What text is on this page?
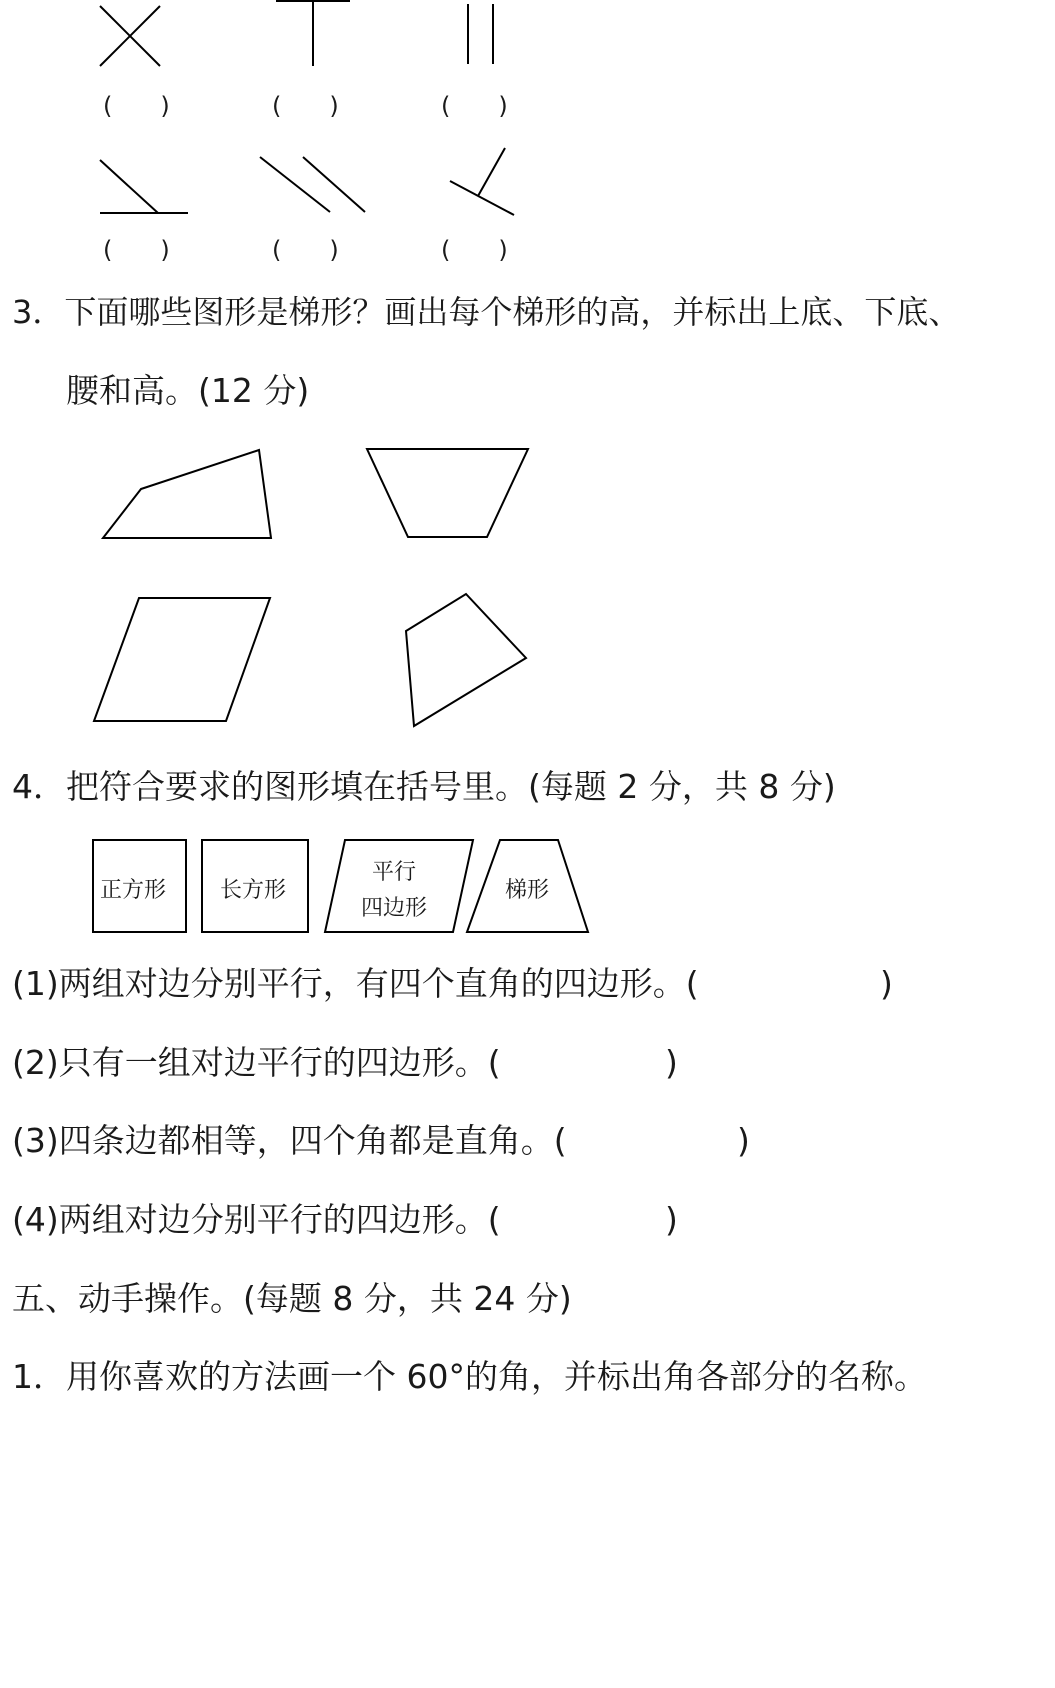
(　　)	(　　)	(　　)
(　　)	(　　)	(　　)
3．下面哪些图形是梯形？画出每个梯形的高，并标出上底、下底、
腰和高。(12 分)
4．把符合要求的图形填在括号里。(每题 2 分，共 8 分)
正方形 长方形
平行
四边形
梯形
(1)两组对边分别平行，有四个直角的四边形。(	)
(2)只有一组对边平行的四边形。(	)
(3)四条边都相等，四个角都是直角。(	)
(4)两组对边分别平行的四边形。(	)
五、动手操作。(每题 8 分，共 24 分)
1．用你喜欢的方法画一个 60°的角，并标出角各部分的名称。
